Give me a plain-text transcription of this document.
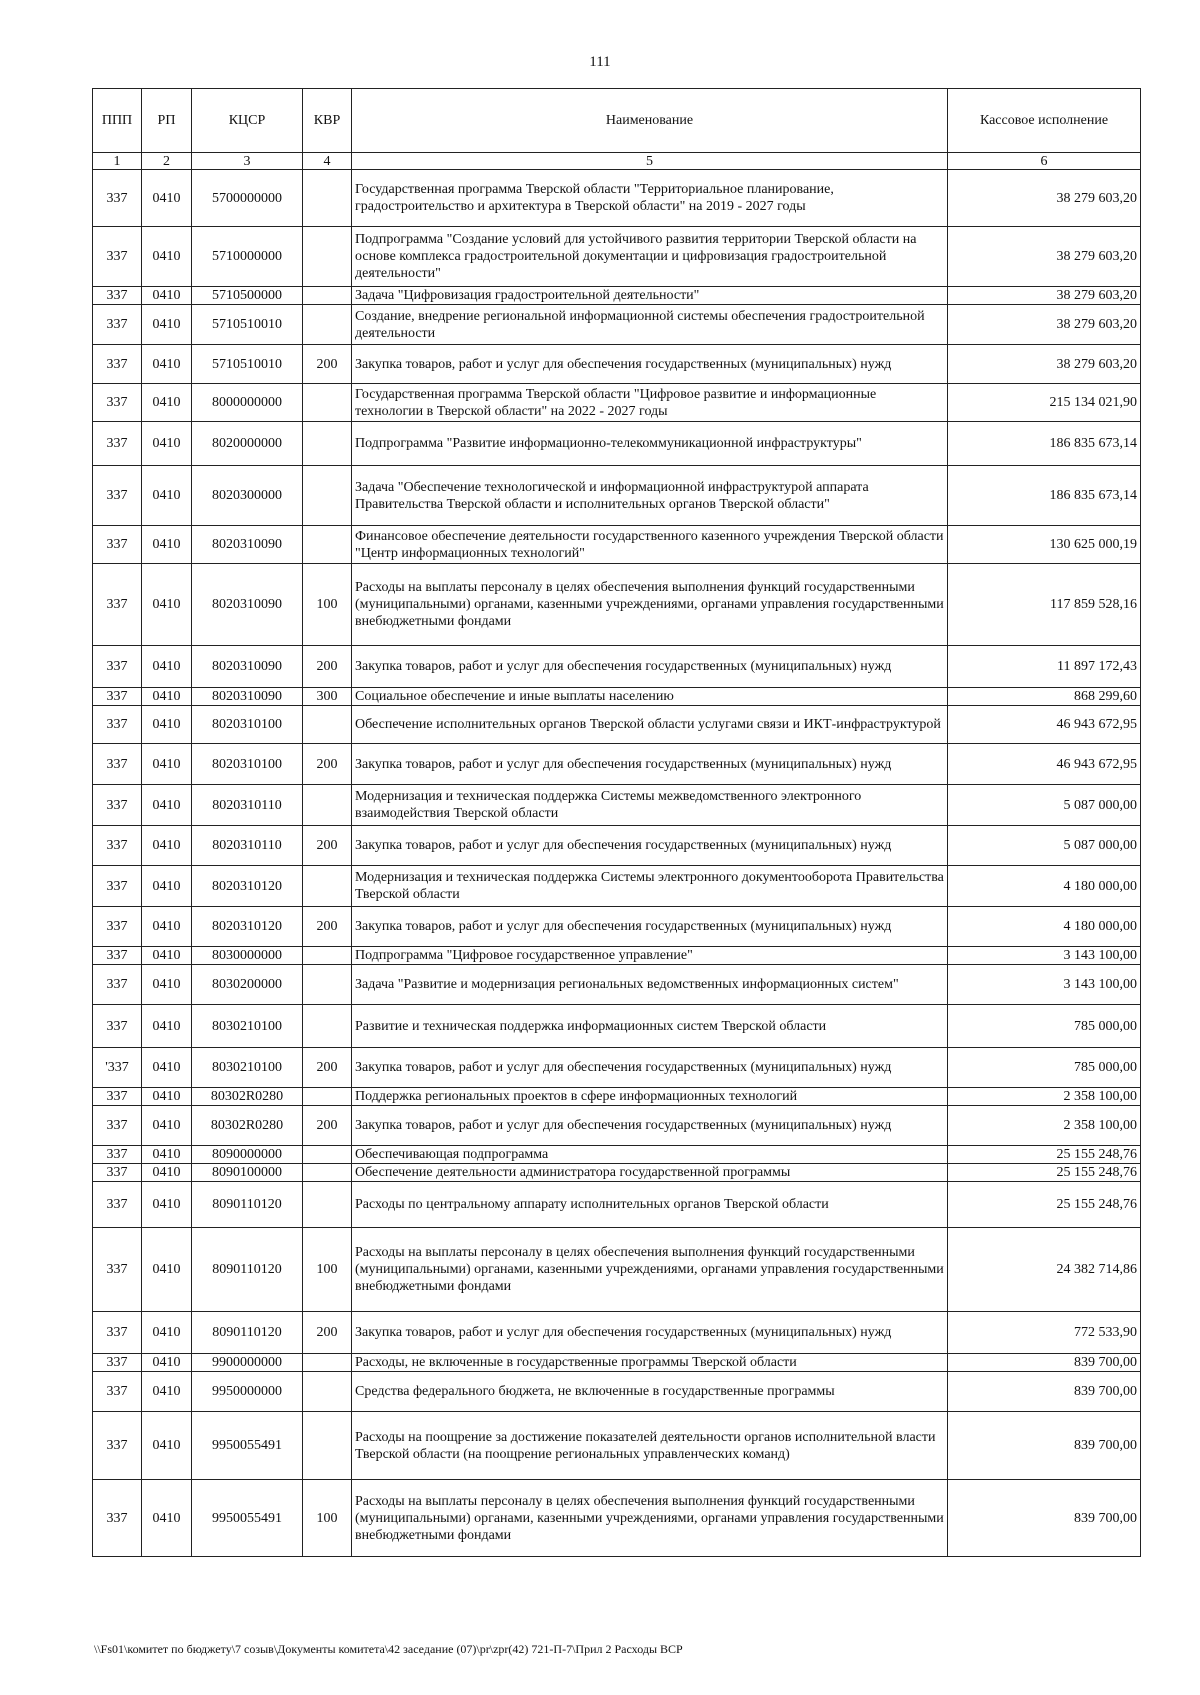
111
ППП	РП	КЦСР	КВР	Наименование	Кассовое исполнение
1	2	3	4	5	6
337	0410	5700000000		Государственная программа Тверской области "Территориальное планирование, градостроительство и архитектура в Тверской области" на 2019 - 2027 годы	38 279 603,20
337	0410	5710000000		Подпрограмма "Создание условий для устойчивого развития территории Тверской области на основе комплекса градостроительной документации и цифровизация градостроительной деятельности"	38 279 603,20
337	0410	5710500000		Задача "Цифровизация градостроительной деятельности"	38 279 603,20
337	0410	5710510010		Создание, внедрение региональной информационной системы обеспечения градостроительной деятельности	38 279 603,20
337	0410	5710510010	200	Закупка товаров, работ и услуг для обеспечения государственных (муниципальных) нужд	38 279 603,20
337	0410	8000000000		Государственная программа Тверской области "Цифровое развитие и информационные технологии в Тверской области" на 2022 - 2027 годы	215 134 021,90
337	0410	8020000000		Подпрограмма "Развитие информационно-телекоммуникационной инфраструктуры"	186 835 673,14
337	0410	8020300000		Задача "Обеспечение технологической и информационной инфраструктурой аппарата Правительства Тверской области и исполнительных органов Тверской области"	186 835 673,14
337	0410	8020310090		Финансовое обеспечение деятельности государственного казенного учреждения Тверской области "Центр информационных технологий"	130 625 000,19
337	0410	8020310090	100	Расходы на выплаты персоналу в целях обеспечения выполнения функций государственными (муниципальными) органами, казенными учреждениями, органами управления государственными внебюджетными фондами	117 859 528,16
337	0410	8020310090	200	Закупка товаров, работ и услуг для обеспечения государственных (муниципальных) нужд	11 897 172,43
337	0410	8020310090	300	Социальное обеспечение и иные выплаты населению	868 299,60
337	0410	8020310100		Обеспечение исполнительных органов Тверской области услугами связи и ИКТ-инфраструктурой	46 943 672,95
337	0410	8020310100	200	Закупка товаров, работ и услуг для обеспечения государственных (муниципальных) нужд	46 943 672,95
337	0410	8020310110		Модернизация и техническая поддержка Системы межведомственного электронного взаимодействия Тверской области	5 087 000,00
337	0410	8020310110	200	Закупка товаров, работ и услуг для обеспечения государственных (муниципальных) нужд	5 087 000,00
337	0410	8020310120		Модернизация и техническая поддержка Системы электронного документооборота Правительства Тверской области	4 180 000,00
337	0410	8020310120	200	Закупка товаров, работ и услуг для обеспечения государственных (муниципальных) нужд	4 180 000,00
337	0410	8030000000		Подпрограмма "Цифровое государственное управление"	3 143 100,00
337	0410	8030200000		Задача "Развитие и модернизация региональных ведомственных информационных систем"	3 143 100,00
337	0410	8030210100		Развитие и техническая поддержка информационных систем Тверской области	785 000,00
'337	0410	8030210100	200	Закупка товаров, работ и услуг для обеспечения государственных (муниципальных) нужд	785 000,00
337	0410	80302R0280		Поддержка региональных проектов в сфере информационных технологий	2 358 100,00
337	0410	80302R0280	200	Закупка товаров, работ и услуг для обеспечения государственных (муниципальных) нужд	2 358 100,00
337	0410	8090000000		Обеспечивающая подпрограмма	25 155 248,76
337	0410	8090100000		Обеспечение деятельности администратора государственной программы	25 155 248,76
337	0410	8090110120		Расходы по центральному аппарату исполнительных органов Тверской области	25 155 248,76
337	0410	8090110120	100	Расходы на выплаты персоналу в целях обеспечения выполнения функций государственными (муниципальными) органами, казенными учреждениями, органами управления государственными внебюджетными фондами	24 382 714,86
337	0410	8090110120	200	Закупка товаров, работ и услуг для обеспечения государственных (муниципальных) нужд	772 533,90
337	0410	9900000000		Расходы, не включенные в государственные программы Тверской области	839 700,00
337	0410	9950000000		Средства федерального бюджета, не включенные в государственные программы	839 700,00
337	0410	9950055491		Расходы на поощрение за достижение показателей деятельности органов исполнительной власти Тверской области (на поощрение региональных управленческих команд)	839 700,00
337	0410	9950055491	100	Расходы на выплаты персоналу в целях обеспечения выполнения функций государственными (муниципальными) органами, казенными учреждениями, органами управления государственными внебюджетными фондами	839 700,00
\\Fs01\комитет по бюджету\7 созыв\Документы комитета\42 заседание (07)\pr\zpr(42) 721-П-7\Прил 2 Расходы ВСР
